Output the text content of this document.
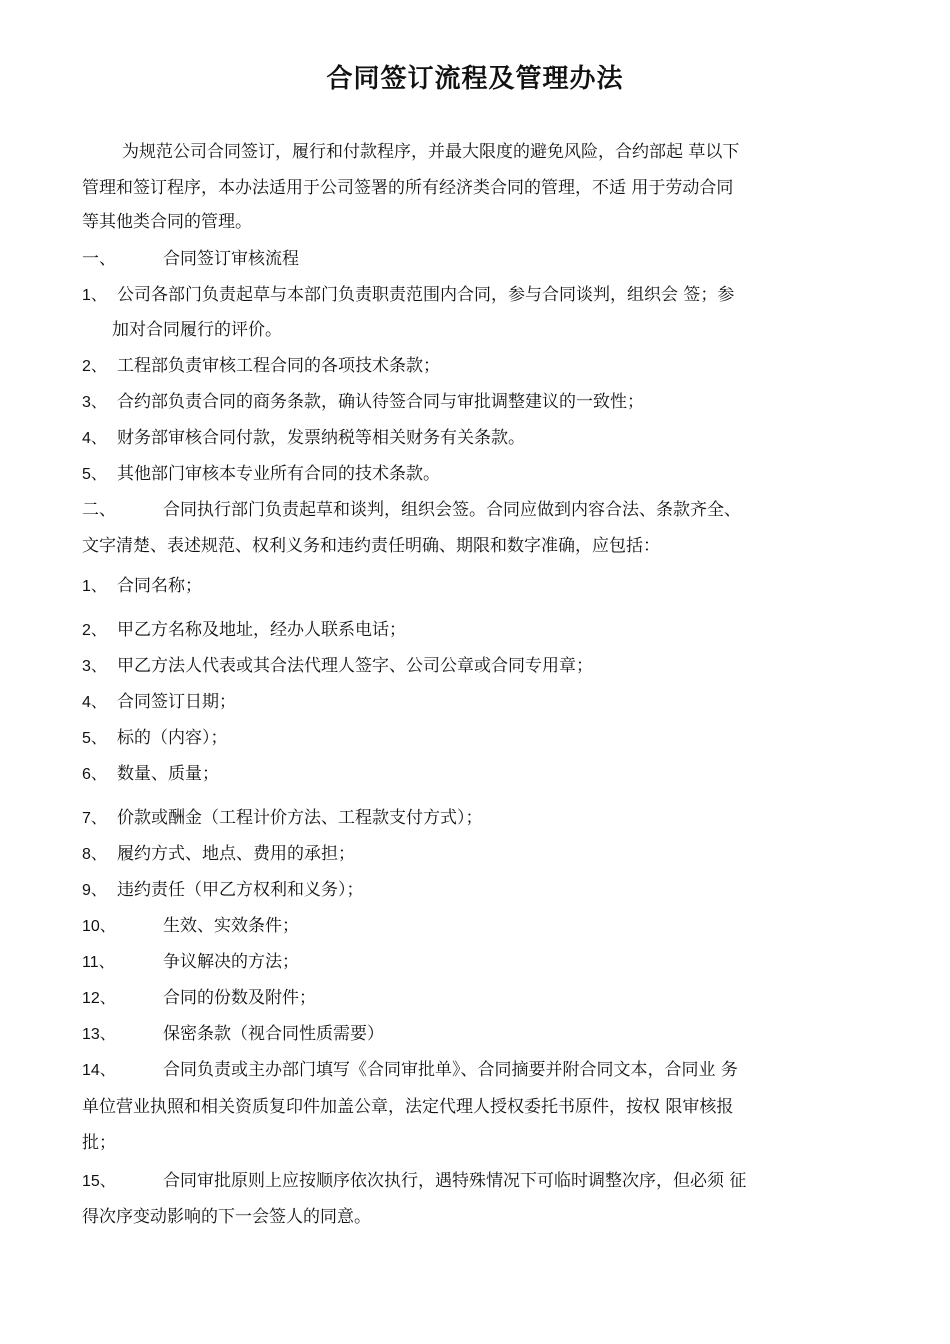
合同签订流程及管理办法
为规范公司合同签订，履行和付款程序，并最大限度的避免风险，合约部起 草以下
管理和签订程序，本办法适用于公司签署的所有经济类合同的管理，不适 用于劳动合同
等其他类合同的管理。
一、	合同签订审核流程
1、 公司各部门负责起草与本部门负责职责范围内合同，参与合同谈判，组织会 签；参
加对合同履行的评价。
2、 工程部负责审核工程合同的各项技术条款；
3、 合约部负责合同的商务条款，确认待签合同与审批调整建议的一致性；
4、 财务部审核合同付款，发票纳税等相关财务有关条款。
5、 其他部门审核本专业所有合同的技术条款。
二、	合同执行部门负责起草和谈判，组织会签。合同应做到内容合法、条款齐全、
文字清楚、表述规范、权利义务和违约责任明确、期限和数字准确，应包括：
1、 合同名称；
2、 甲乙方名称及地址，经办人联系电话；
3、 甲乙方法人代表或其合法代理人签字、公司公章或合同专用章；
4、 合同签订日期；
5、 标的（内容）；
6、 数量、质量；
7、 价款或酬金（工程计价方法、工程款支付方式）；
8、 履约方式、地点、费用的承担；
9、 违约责任（甲乙方权利和义务）；
10、	生效、实效条件；
11、	争议解决的方法；
12、	合同的份数及附件；
13、	保密条款（视合同性质需要）
14、	合同负责或主办部门填写《合同审批单》、合同摘要并附合同文本，合同业 务
单位营业执照和相关资质复印件加盖公章，法定代理人授权委托书原件，按权 限审核报
批；
15、	合同审批原则上应按顺序依次执行，遇特殊情况下可临时调整次序，但必须 征
得次序变动影响的下一会签人的同意。
